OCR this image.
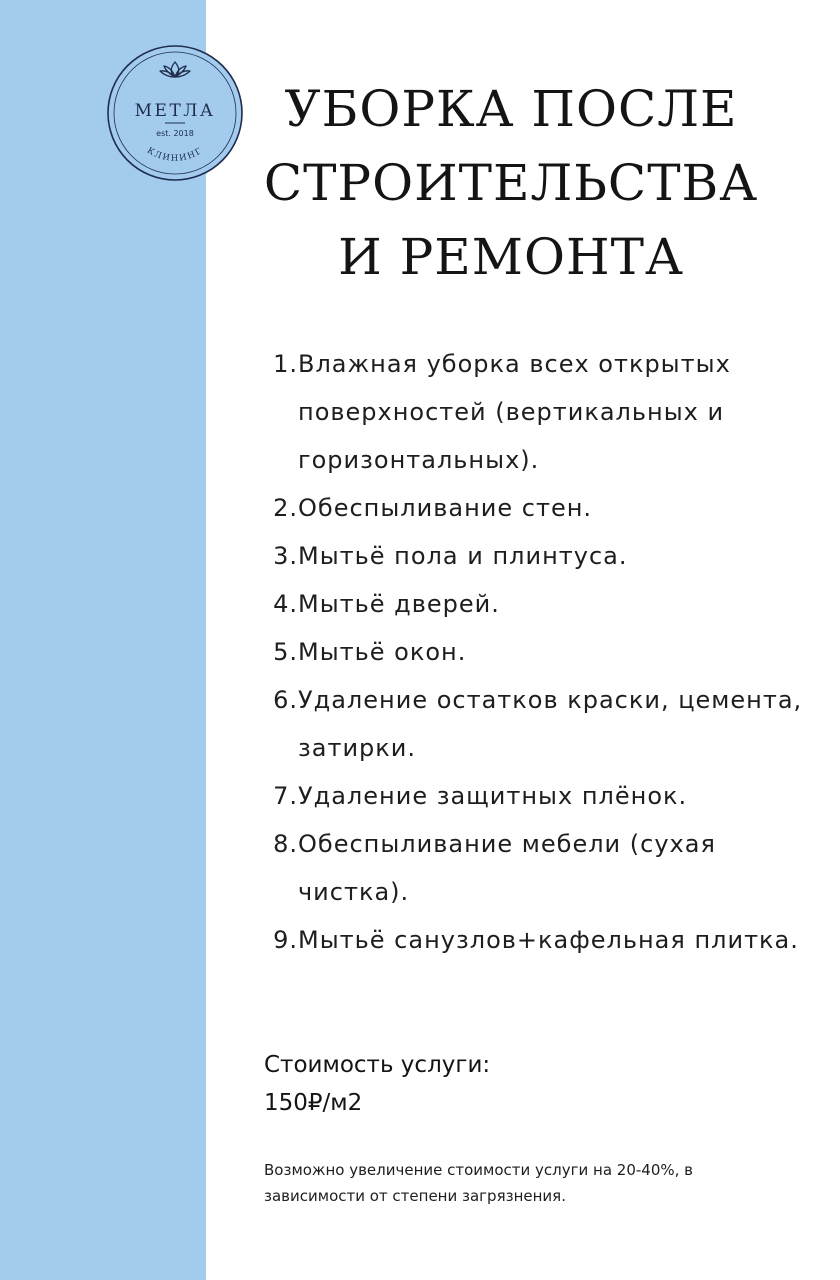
МЕТЛА
est. 2018
КЛИНИНГ
УБОРКА ПОСЛЕ
СТРОИТЕЛЬСТВА
И РЕМОНТА
1. Влажная уборка всех открытых поверхностей (вертикальных и горизонтальных).
2. Обеспыливание стен.
3. Мытьё пола и плинтуса.
4. Мытьё дверей.
5. Мытьё окон.
6. Удаление остатков краски, цемента, затирки.
7. Удаление защитных плёнок.
8. Обеспыливание мебели (сухая чистка).
9. Мытьё санузлов+кафельная плитка.
Стоимость услуги:
150₽/м2
Возможно увеличение стоимости услуги на 20-40%, в зависимости от степени загрязнения.
